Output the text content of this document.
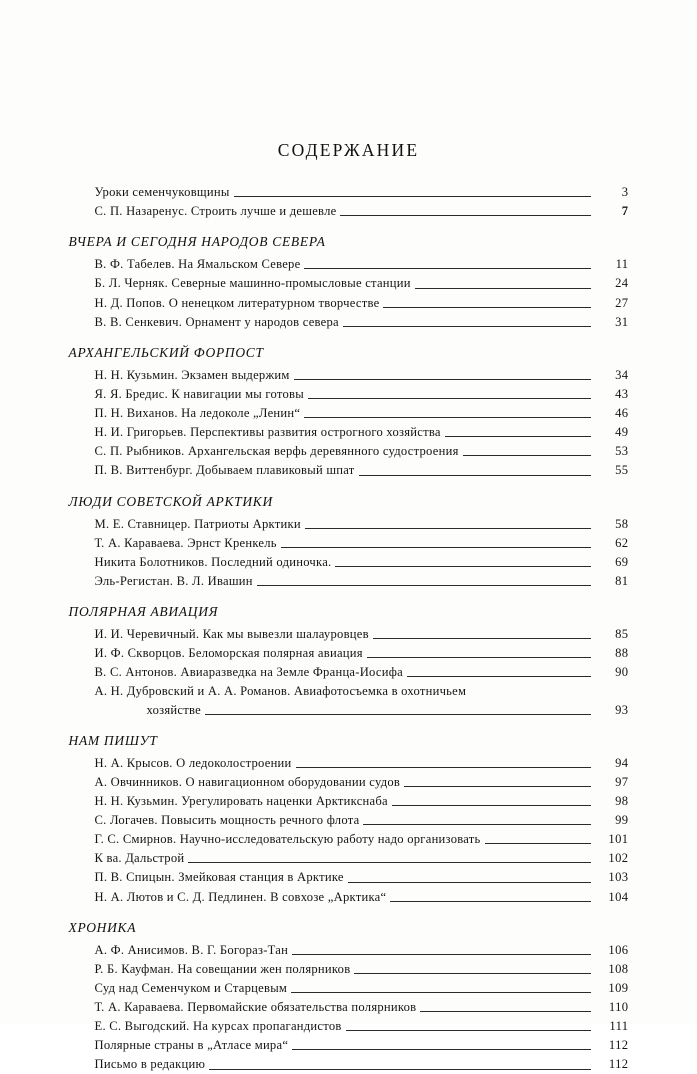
СОДЕРЖАНИЕ
Уроки семенчуковщины	3
С. П. Назаренус. Строить лучше и дешевле	7
ВЧЕРА И СЕГОДНЯ НАРОДОВ СЕВЕРА
В. Ф. Табелев. На Ямальском Севере	11
Б. Л. Черняк. Северные машинно-промысловые станции	24
Н. Д. Попов. О ненецком литературном творчестве	27
В. В. Сенкевич. Орнамент у народов севера	31
АРХАНГЕЛЬСКИЙ ФОРПОСТ
Н. Н. Кузьмин. Экзамен выдержим	34
Я. Я. Бредис. К навигации мы готовы	43
П. Н. Виханов. На ледоколе „Ленин“	46
Н. И. Григорьев. Перспективы развития острогного хозяйства	49
С. П. Рыбников. Архангельская верфь деревянного судостроения	53
П. В. Виттенбург. Добываем плавиковый шпат	55
ЛЮДИ СОВЕТСКОЙ АРКТИКИ
М. Е. Ставницер. Патриоты Арктики	58
Т. А. Караваева. Эрнст Кренкель	62
Никита Болотников. Последний одиночка.	69
Эль-Регистан. В. Л. Ивашин	81
ПОЛЯРНАЯ АВИАЦИЯ
И. И. Черевичный. Как мы вывезли шалауровцев	85
И. Ф. Скворцов. Беломорская полярная авиация	88
В. С. Антонов. Авиаразведка на Земле Франца-Иосифа	90
А. Н. Дубровский и А. А. Романов. Авиафотосъемка в охотничьем
хозяйстве	93
НАМ ПИШУТ
Н. А. Крысов. О ледоколостроении	94
А. Овчинников. О навигационном оборудовании судов	97
Н. Н. Кузьмин. Урегулировать наценки Арктикснаба	98
С. Логачев. Повысить мощность речного флота	99
Г. С. Смирнов. Научно-исследовательскую работу надо организовать	101
К ва. Дальстрой	102
П. В. Спицын. Змейковая станция в Арктике	103
Н. А. Лютов и С. Д. Педлинен. В совхозе „Арктика“	104
ХРОНИКА
А. Ф. Анисимов. В. Г. Богораз-Тан	106
Р. Б. Кауфман. На совещании жен полярников	108
Суд над Семенчуком и Старцевым	109
Т. А. Караваева. Первомайские обязательства полярников	110
Е. С. Выгодский. На курсах пропагандистов	111
Полярные страны в „Атласе мира“	112
Письмо в редакцию	112
